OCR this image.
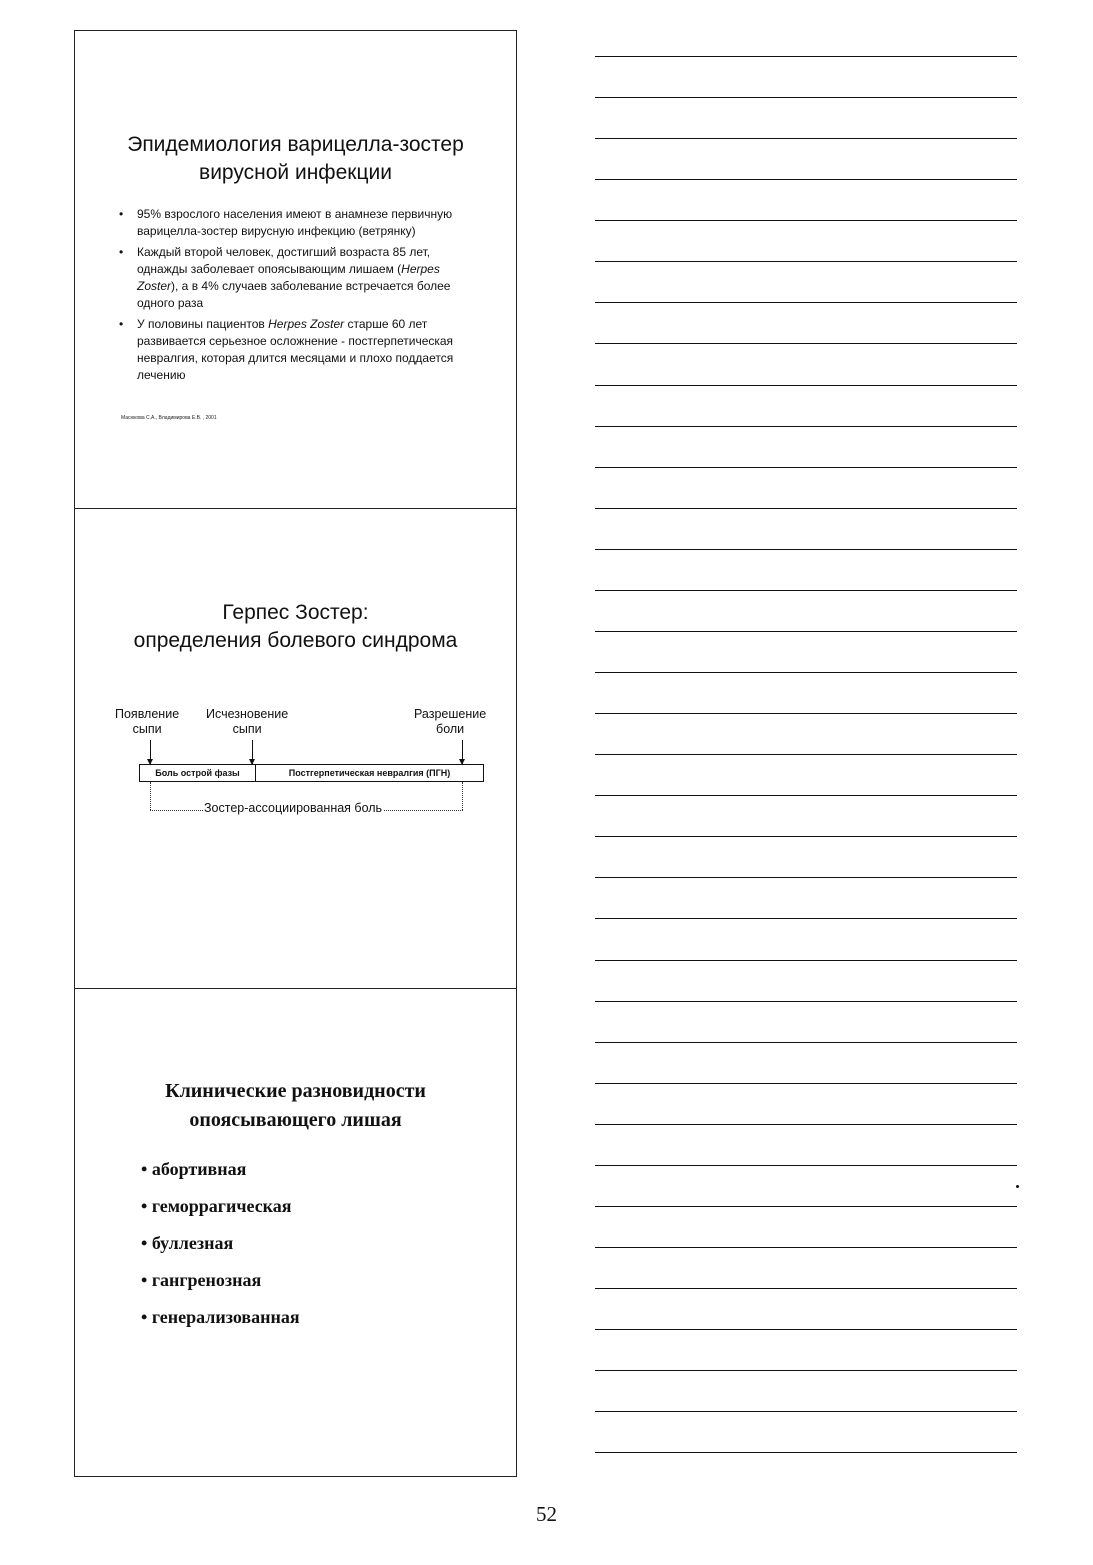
Эпидемиология варицелла-зостер
вирусной инфекции
• 95% взрослого населения имеют в анамнезе первичную варицелла-зостер вирусную инфекцию (ветрянку)
• Каждый второй человек, достигший возраста 85 лет, однажды заболевает опоясывающим лишаем (Herpes Zoster), а в 4% случаев заболевание встречается более одного раза
• У половины пациентов Herpes Zoster старше 60 лет развивается серьезное осложнение - постгерпетическая невралгия, которая длится месяцами и плохо поддается лечению
Масюкова С.А., Владимирова Е.В. , 2001
Герпес Зостер:
определения болевого синдрома
Появление
сыпи
Исчезновение
сыпи
Разрешение
боли
Боль острой фазы	Постгерпетическая невралгия (ПГН)
Зостер-ассоциированная боль
Клинические разновидности
опоясывающего лишая
• абортивная
• геморрагическая
• буллезная
• гангренозная
• генерализованная
52
